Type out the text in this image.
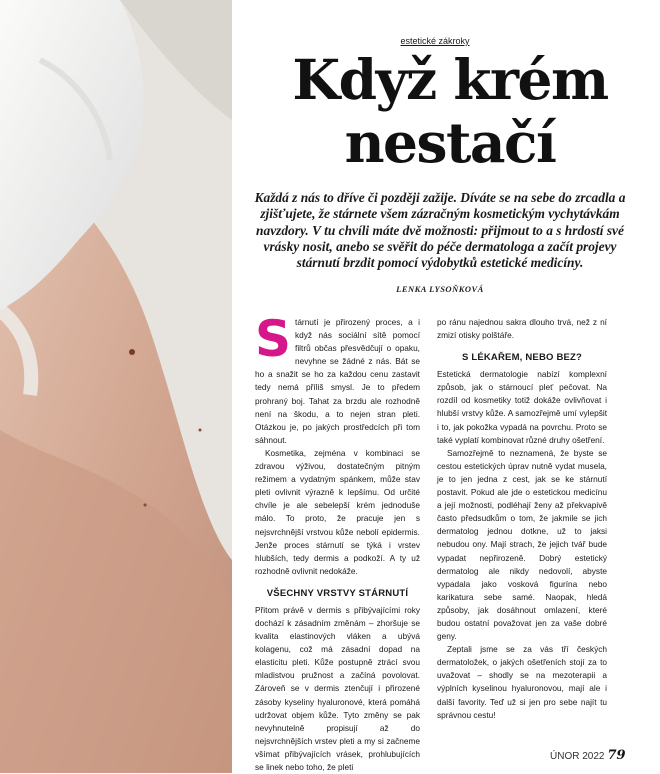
estetické zákroky
Když krém
nestačí

Každá z nás to dříve či později zažije. Díváte se na sebe do zrcadla a zjišťujete, že stárnete všem zázračným kosmetickým vychytávkám navzdory. V tu chvíli máte dvě možnosti: přijmout to a s hrdostí své vrásky nosit, anebo se svěřit do péče dermatologa a začít projevy stárnutí brzdit pomocí výdobytků estetické medicíny.

LENKA LYSOŇKOVÁ

Stárnutí je přirozený proces, a i když nás sociální sítě pomocí filtrů občas přesvědčují o opaku, nevyhne se žádné z nás. Bát se ho a snažit se ho za každou cenu zastavit tedy nemá příliš smysl. Je to předem prohraný boj. Tahat za brzdu ale rozhodně není na škodu, a to nejen stran pleti. Otázkou je, po jakých prostředcích při tom sáhnout.

Kosmetika, zejména v kombinaci se zdravou výživou, dostatečným pitným režimem a vydatným spánkem, může stav pleti ovlivnit výrazně k lepšímu. Od určité chvíle je ale sebelepší krém jednoduše málo. To proto, že pracuje jen s nejsvrchnější vrstvou kůže nebolí epidermis. Jenže proces stárnutí se týká i vrstev hlubších, tedy dermis a podkoží. A ty už rozhodně ovlivnit nedokáže.

VŠECHNY VRSTVY STÁRNUTÍ

Přitom právě v dermis s přibývajícími roky dochází k zásadním změnám – zhoršuje se kvalita elastinových vláken a ubývá kolagenu, což má zásadní dopad na elasticitu pleti. Kůže postupně ztrácí svou mladistvou pružnost a začíná povolovat. Zároveň se v dermis ztenčují i přirozené zásoby kyseliny hyaluronové, která pomáhá udržovat objem kůže. Tyto změny se pak nevyhnutelně propisují až do nejsvrchnějších vrstev pleti a my si začneme všímat přibývajících vrásek, prohlubujících se linek nebo toho, že pleti

po ránu najednou sakra dlouho trvá, než z ní zmizí otisky polštáře.

S LÉKAŘEM, NEBO BEZ?

Estetická dermatologie nabízí komplexní způsob, jak o stárnoucí pleť pečovat. Na rozdíl od kosmetiky totiž dokáže ovlivňovat i hlubší vrstvy kůže. A samozřejmě umí vylepšit i to, jak pokožka vypadá na povrchu. Proto se také vyplatí kombinovat různé druhy ošetření.

Samozřejmě to neznamená, že byste se cestou estetických úprav nutně vydat musela, je to jen jedna z cest, jak se ke stárnutí postavit. Pokud ale jde o estetickou medicínu a její možnosti, podléhají ženy až překvapivě často předsudkům o tom, že jakmile se jich dermatolog jednou dotkne, už to jaksi nebudou ony. Mají strach, že jejich tvář bude vypadat nepřirozeně. Dobrý estetický dermatolog ale nikdy nedovolí, abyste vypadala jako vosková figurína nebo karikatura sebe samé. Naopak, hledá způsoby, jak dosáhnout omlazení, které budou ostatní považovat jen za vaše dobré geny.

Zeptali jsme se za vás tří českých dermatoložek, o jakých ošetřeních stojí za to uvažovat – shodly se na mezoterapii a výplních kyselinou hyaluronovou, mají ale i další favority. Teď už si jen pro sebe najít tu správnou cestu!

ÚNOR 2022 79
